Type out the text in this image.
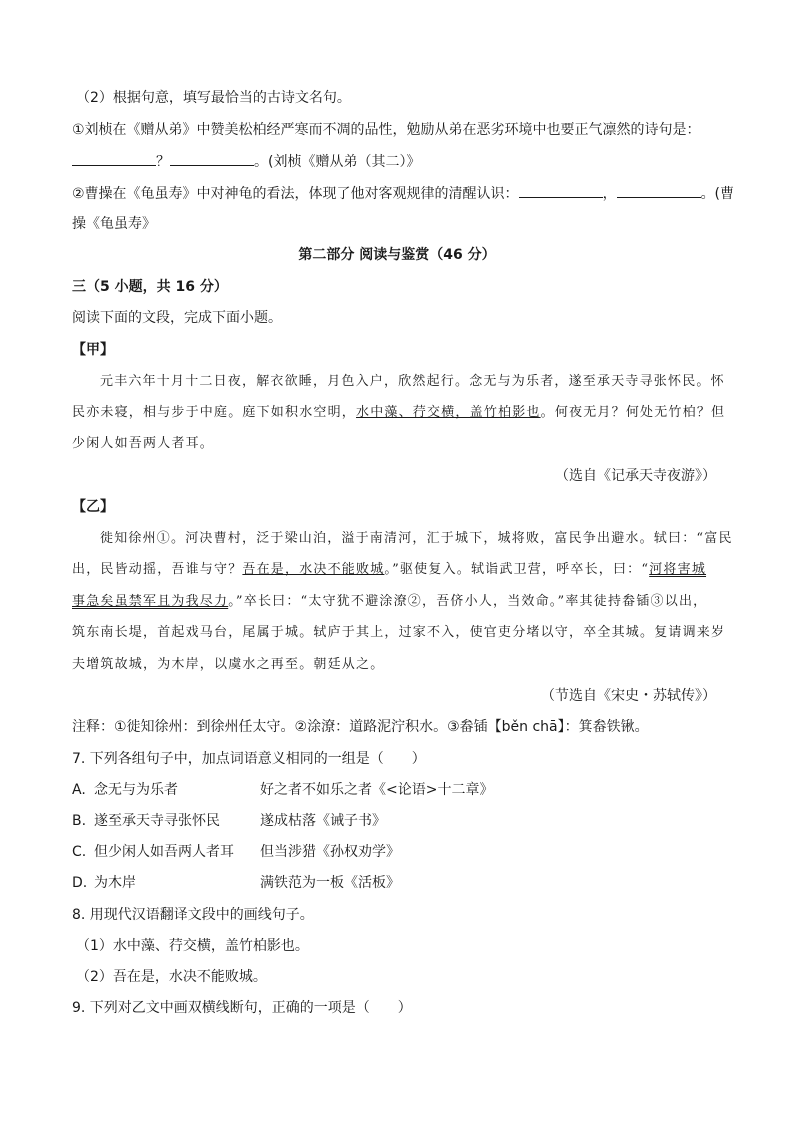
（2）根据句意，填写最恰当的古诗文名句。
①刘桢在《赠从弟》中赞美松柏经严寒而不凋的品性，勉励从弟在恶劣环境中也要正气凛然的诗句是：
？	。(刘桢《赠从弟（其二）》
②曹操在《龟虽寿》中对神龟的看法，体现了他对客观规律的清醒认识：	，	。(曹
操《龟虽寿》
第二部分 阅读与鉴赏（46 分）
三（5 小题，共 16 分）
阅读下面的文段，完成下面小题。
【甲】
元丰六年十月十二日夜，解衣欲睡，月色入户，欣然起行。念无与为乐者，遂至承天寺寻张怀民。怀
民亦未寝，相与步于中庭。庭下如积水空明，水中藻、荇交横，盖竹柏影也。何夜无月？何处无竹柏？但
少闲人如吾两人者耳。
（选自《记承天寺夜游》）
【乙】
徙知徐州①。河决曹村，泛于梁山泊，溢于南清河，汇于城下，城将败，富民争出避水。轼曰：“富民
出，民皆动摇，吾谁与守？吾在是，水决不能败城。”驱使复入。轼诣武卫营，呼卒长，曰：“河将害城
事急矣虽禁军且为我尽力。”卒长曰：“太守犹不避涂潦②，吾侪小人，当效命。”率其徒持畚锸③以出，
筑东南长堤，首起戏马台，尾属于城。轼庐于其上，过家不入，使官吏分堵以守，卒全其城。复请调来岁
夫增筑故城，为木岸，以虞水之再至。朝廷从之。
（节选自《宋史・苏轼传》）
注释：①徙知徐州：到徐州任太守。②涂潦：道路泥泞积水。③畚锸【běn chā】：箕畚铁锹。
7. 下列各组句子中，加点词语意义相同的一组是（　　）
A. 念无与为乐者	好之者不如乐之者《<论语>十二章》
B. 遂至承天寺寻张怀民	遂成枯落《诫子书》
C. 但少闲人如吾两人者耳 但当涉猎《孙权劝学》
D. 为木岸	满铁范为一板《活板》
8. 用现代汉语翻译文段中的画线句子。
（1）水中藻、荇交横，盖竹柏影也。
（2）吾在是，水决不能败城。
9. 下列对乙文中画双横线断句，正确的一项是（　　）
